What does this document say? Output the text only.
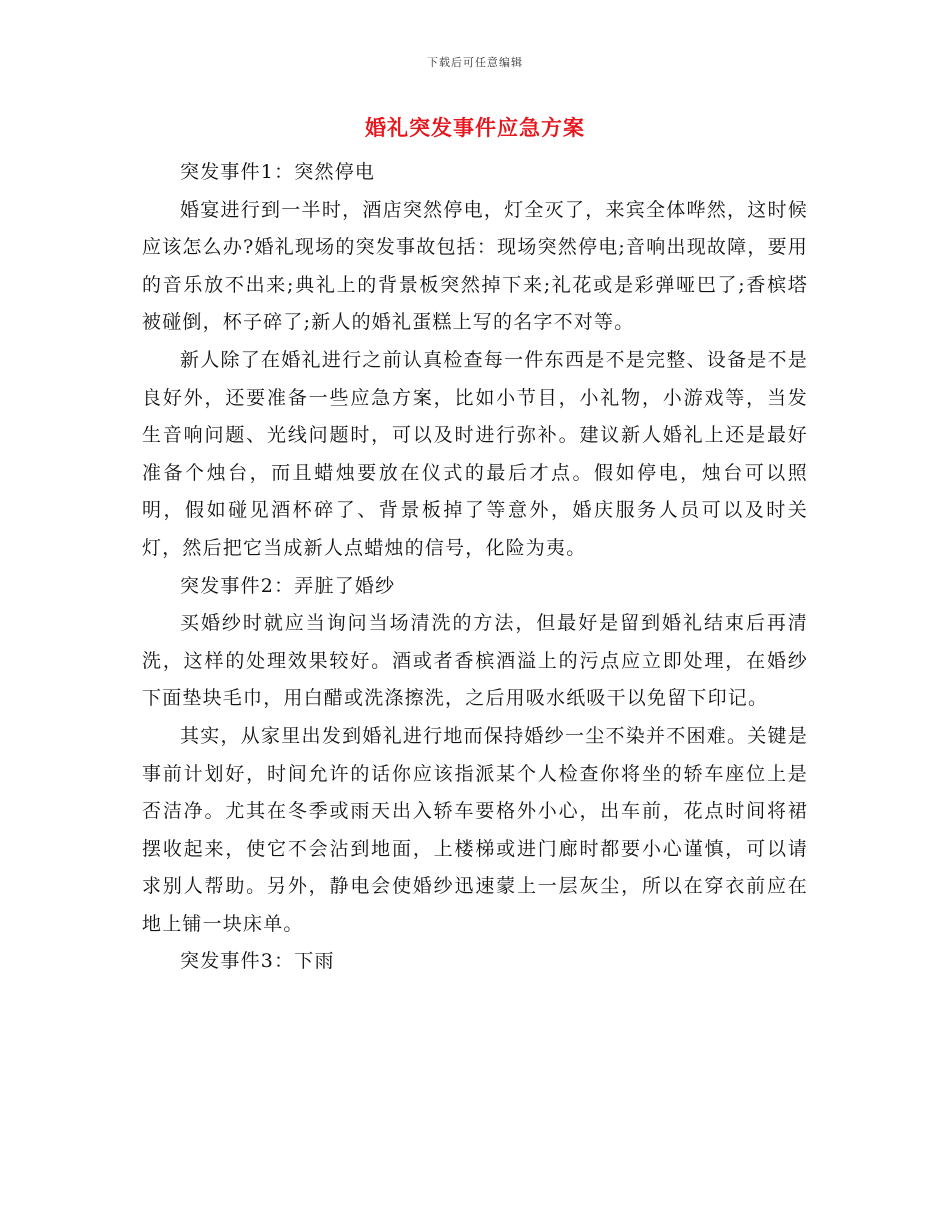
下载后可任意编辑
婚礼突发事件应急方案

突发事件1：突然停电

婚宴进行到一半时，酒店突然停电，灯全灭了，来宾全体哗然，这时候应该怎么办?婚礼现场的突发事故包括：现场突然停电;音响出现故障，要用的音乐放不出来;典礼上的背景板突然掉下来;礼花或是彩弹哑巴了;香槟塔被碰倒，杯子碎了;新人的婚礼蛋糕上写的名字不对等。

新人除了在婚礼进行之前认真检查每一件东西是不是完整、设备是不是良好外，还要准备一些应急方案，比如小节目，小礼物，小游戏等，当发生音响问题、光线问题时，可以及时进行弥补。建议新人婚礼上还是最好准备个烛台，而且蜡烛要放在仪式的最后才点。假如停电，烛台可以照明，假如碰见酒杯碎了、背景板掉了等意外，婚庆服务人员可以及时关灯，然后把它当成新人点蜡烛的信号，化险为夷。

突发事件2：弄脏了婚纱

买婚纱时就应当询问当场清洗的方法，但最好是留到婚礼结束后再清洗，这样的处理效果较好。酒或者香槟酒溢上的污点应立即处理，在婚纱下面垫块毛巾，用白醋或洗涤擦洗，之后用吸水纸吸干以免留下印记。

其实，从家里出发到婚礼进行地而保持婚纱一尘不染并不困难。关键是事前计划好，时间允许的话你应该指派某个人检查你将坐的轿车座位上是否洁净。尤其在冬季或雨天出入轿车要格外小心，出车前，花点时间将裙摆收起来，使它不会沾到地面，上楼梯或进门廊时都要小心谨慎，可以请求别人帮助。另外，静电会使婚纱迅速蒙上一层灰尘，所以在穿衣前应在地上铺一块床单。

突发事件3：下雨
